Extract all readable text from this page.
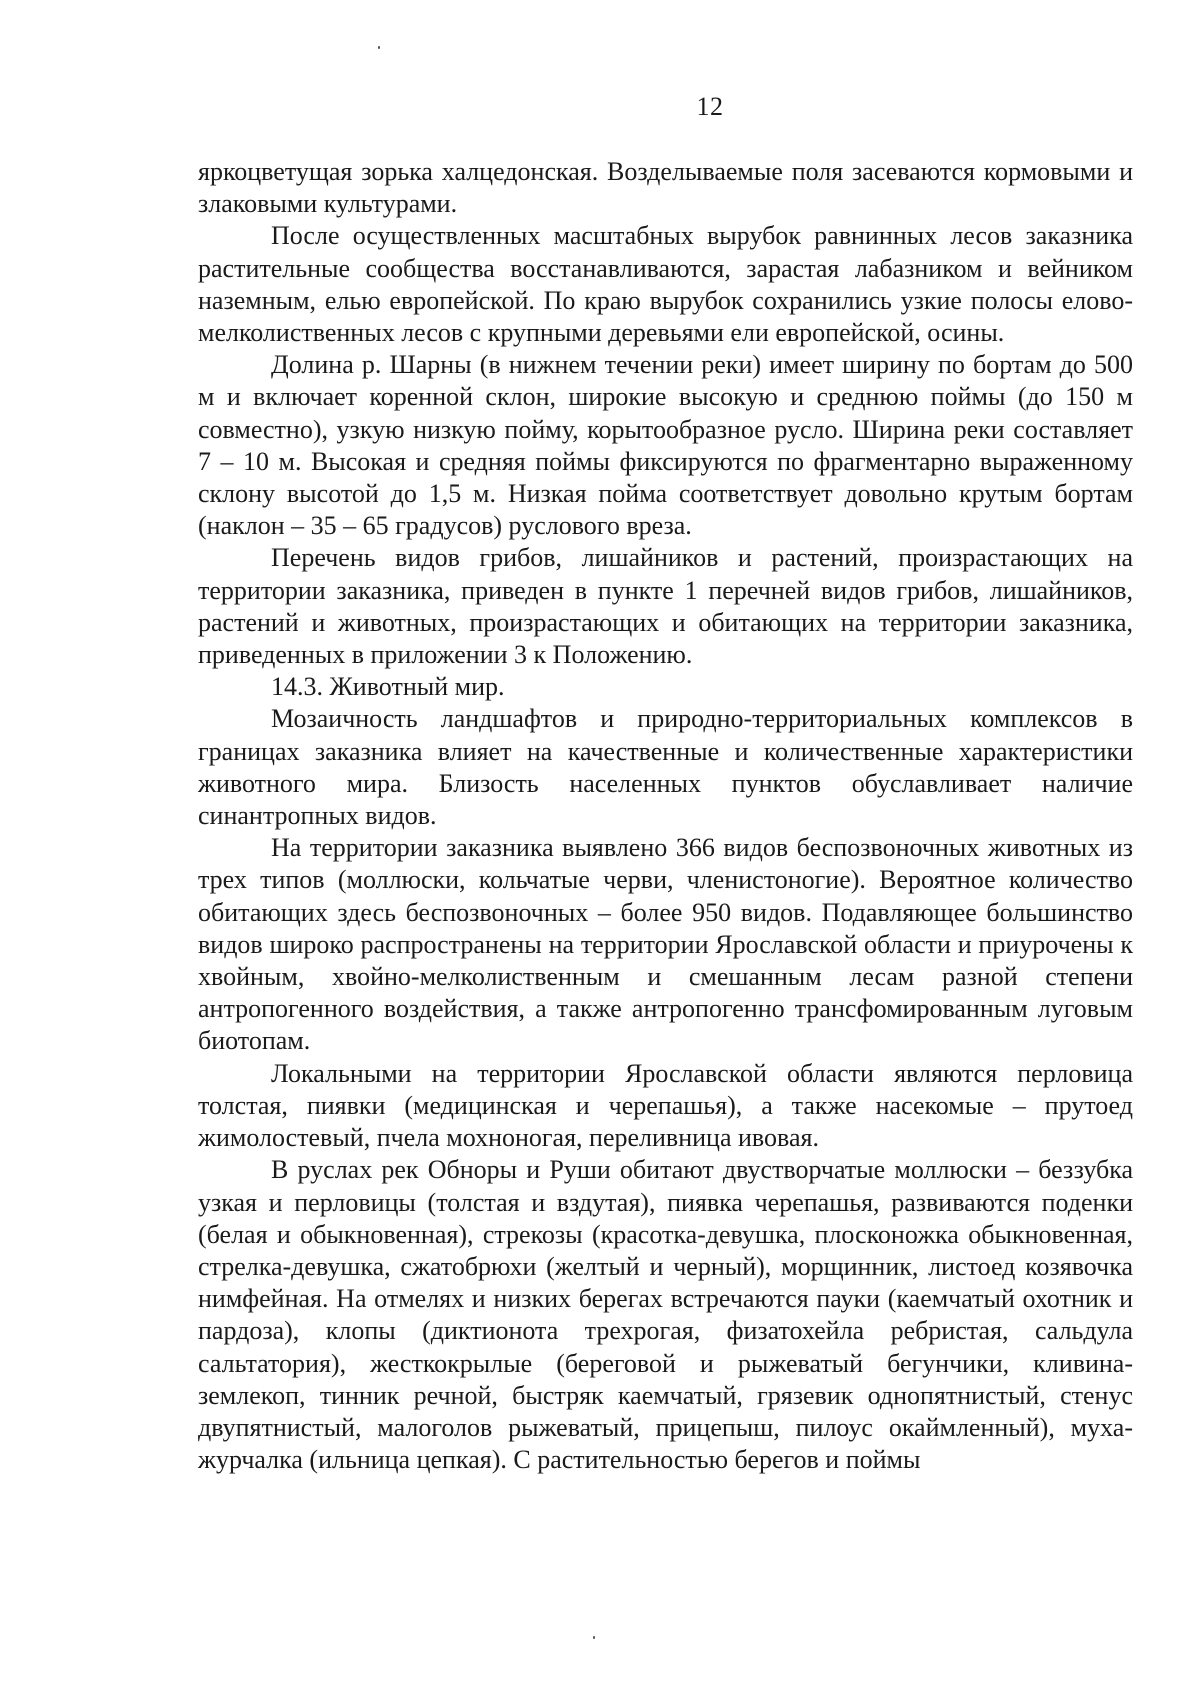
12

яркоцветущая зорька халцедонская. Возделываемые поля засеваются кормовыми и злаковыми культурами.

После осуществленных масштабных вырубок равнинных лесов заказника растительные сообщества восстанавливаются, зарастая лабазником и вейником наземным, елью европейской. По краю вырубок сохранились узкие полосы елово-мелколиственных лесов с крупными деревьями ели европейской, осины.

Долина р. Шарны (в нижнем течении реки) имеет ширину по бортам до 500 м и включает коренной склон, широкие высокую и среднюю поймы (до 150 м совместно), узкую низкую пойму, корытообразное русло. Ширина реки составляет 7 – 10 м. Высокая и средняя поймы фиксируются по фрагментарно выраженному склону высотой до 1,5 м. Низкая пойма соответствует довольно крутым бортам (наклон – 35 – 65 градусов) руслового вреза.

Перечень видов грибов, лишайников и растений, произрастающих на территории заказника, приведен в пункте 1 перечней видов грибов, лишайников, растений и животных, произрастающих и обитающих на территории заказника, приведенных в приложении 3 к Положению.

14.3. Животный мир.

Мозаичность ландшафтов и природно-территориальных комплексов в границах заказника влияет на качественные и количественные характеристики животного мира. Близость населенных пунктов обуславливает наличие синантропных видов.

На территории заказника выявлено 366 видов беспозвоночных животных из трех типов (моллюски, кольчатые черви, членистоногие). Вероятное количество обитающих здесь беспозвоночных – более 950 видов. Подавляющее большинство видов широко распространены на территории Ярославской области и приурочены к хвойным, хвойно-мелколиственным и смешанным лесам разной степени антропогенного воздействия, а также антропогенно трансфомированным луговым биотопам.

Локальными на территории Ярославской области являются перловица толстая, пиявки (медицинская и черепашья), а также насекомые – прутоед жимолостевый, пчела мохноногая, переливница ивовая.

В руслах рек Обноры и Руши обитают двустворчатые моллюски – беззубка узкая и перловицы (толстая и вздутая), пиявка черепашья, развиваются поденки (белая и обыкновенная), стрекозы (красотка-девушка, плосконожка обыкновенная, стрелка-девушка, сжатобрюхи (желтый и черный), морщинник, листоед козявочка нимфейная. На отмелях и низких берегах встречаются пауки (каемчатый охотник и пардоза), клопы (диктионота трехрогая, физатохейла ребристая, сальдула сальтатория), жесткокрылые (береговой и рыжеватый бегунчики, кливина-землекоп, тинник речной, быстряк каемчатый, грязевик однопятнистый, стенус двупятнистый, малоголов рыжеватый, прицепыш, пилоус окаймленный), муха-журчалка (ильница цепкая). С растительностью берегов и поймы
